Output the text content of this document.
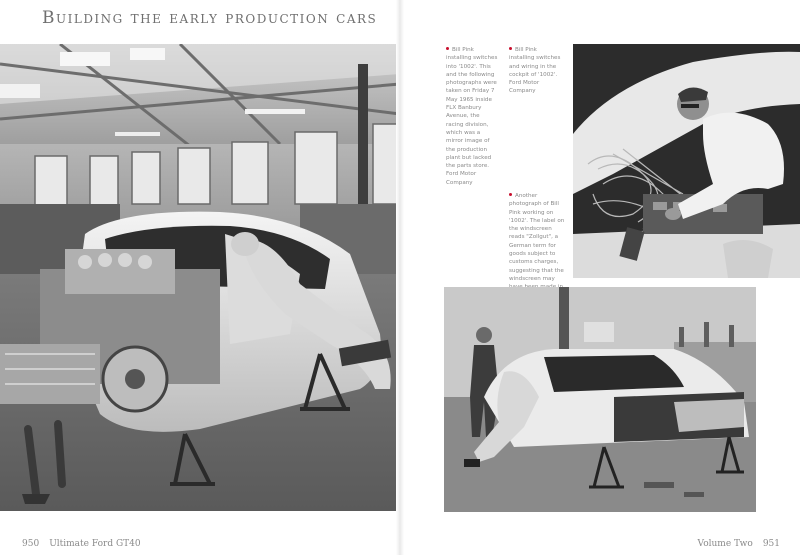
Building the early production cars
Bill Pink installing switches into '1002'. This and the following photographs were taken on Friday 7 May 1965 inside FLX Banbury Avenue, the racing division, which was a mirror image of the production plant but lacked the parts store. Ford Motor Company
Bill Pink installing switches and wiring in the cockpit of '1002'. Ford Motor Company
Another photograph of Bill Pink working on '1002'. The label on the windscreen reads "Zollgut", a German term for goods subject to customs charges, suggesting that the windscreen may
950 Ultimate Ford GT40	Volume Two 951
